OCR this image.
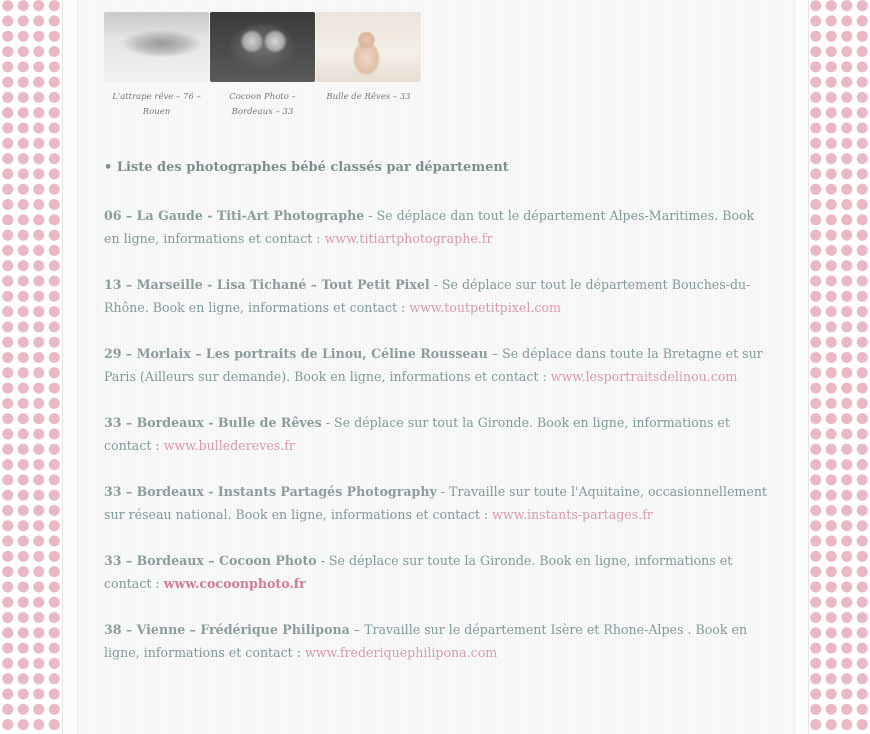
L'attrape rêve – 76 – Rouen
Cocoon Photo – Bordeaux – 33
Bulle de Rêves – 33

• Liste des photographes bébé classés par département

06 – La Gaude - Titi-Art Photographe - Se déplace dan tout le département Alpes-Maritimes. Book en ligne, informations et contact : www.titiartphotographe.fr

13 – Marseille - Lisa Tichané – Tout Petit Pixel - Se déplace sur tout le département Bouches-du-Rhône. Book en ligne, informations et contact : www.toutpetitpixel.com

29 – Morlaix – Les portraits de Linou, Céline Rousseau – Se déplace dans toute la Bretagne et sur Paris (Ailleurs sur demande). Book en ligne, informations et contact : www.lesportraitsdelinou.com

33 – Bordeaux - Bulle de Rêves - Se déplace sur tout la Gironde. Book en ligne, informations et contact : www.bulledereves.fr

33 – Bordeaux - Instants Partagés Photography - Travaille sur toute l'Aquitaine, occasionnellement sur réseau national. Book en ligne, informations et contact : www.instants-partages.fr

33 – Bordeaux – Cocoon Photo - Se déplace sur toute la Gironde. Book en ligne, informations et contact : www.cocoonphoto.fr

38 – Vienne – Frédérique Philipona – Travaille sur le département Isère et Rhone-Alpes . Book en ligne, informations et contact : www.frederiquephilipona.com
